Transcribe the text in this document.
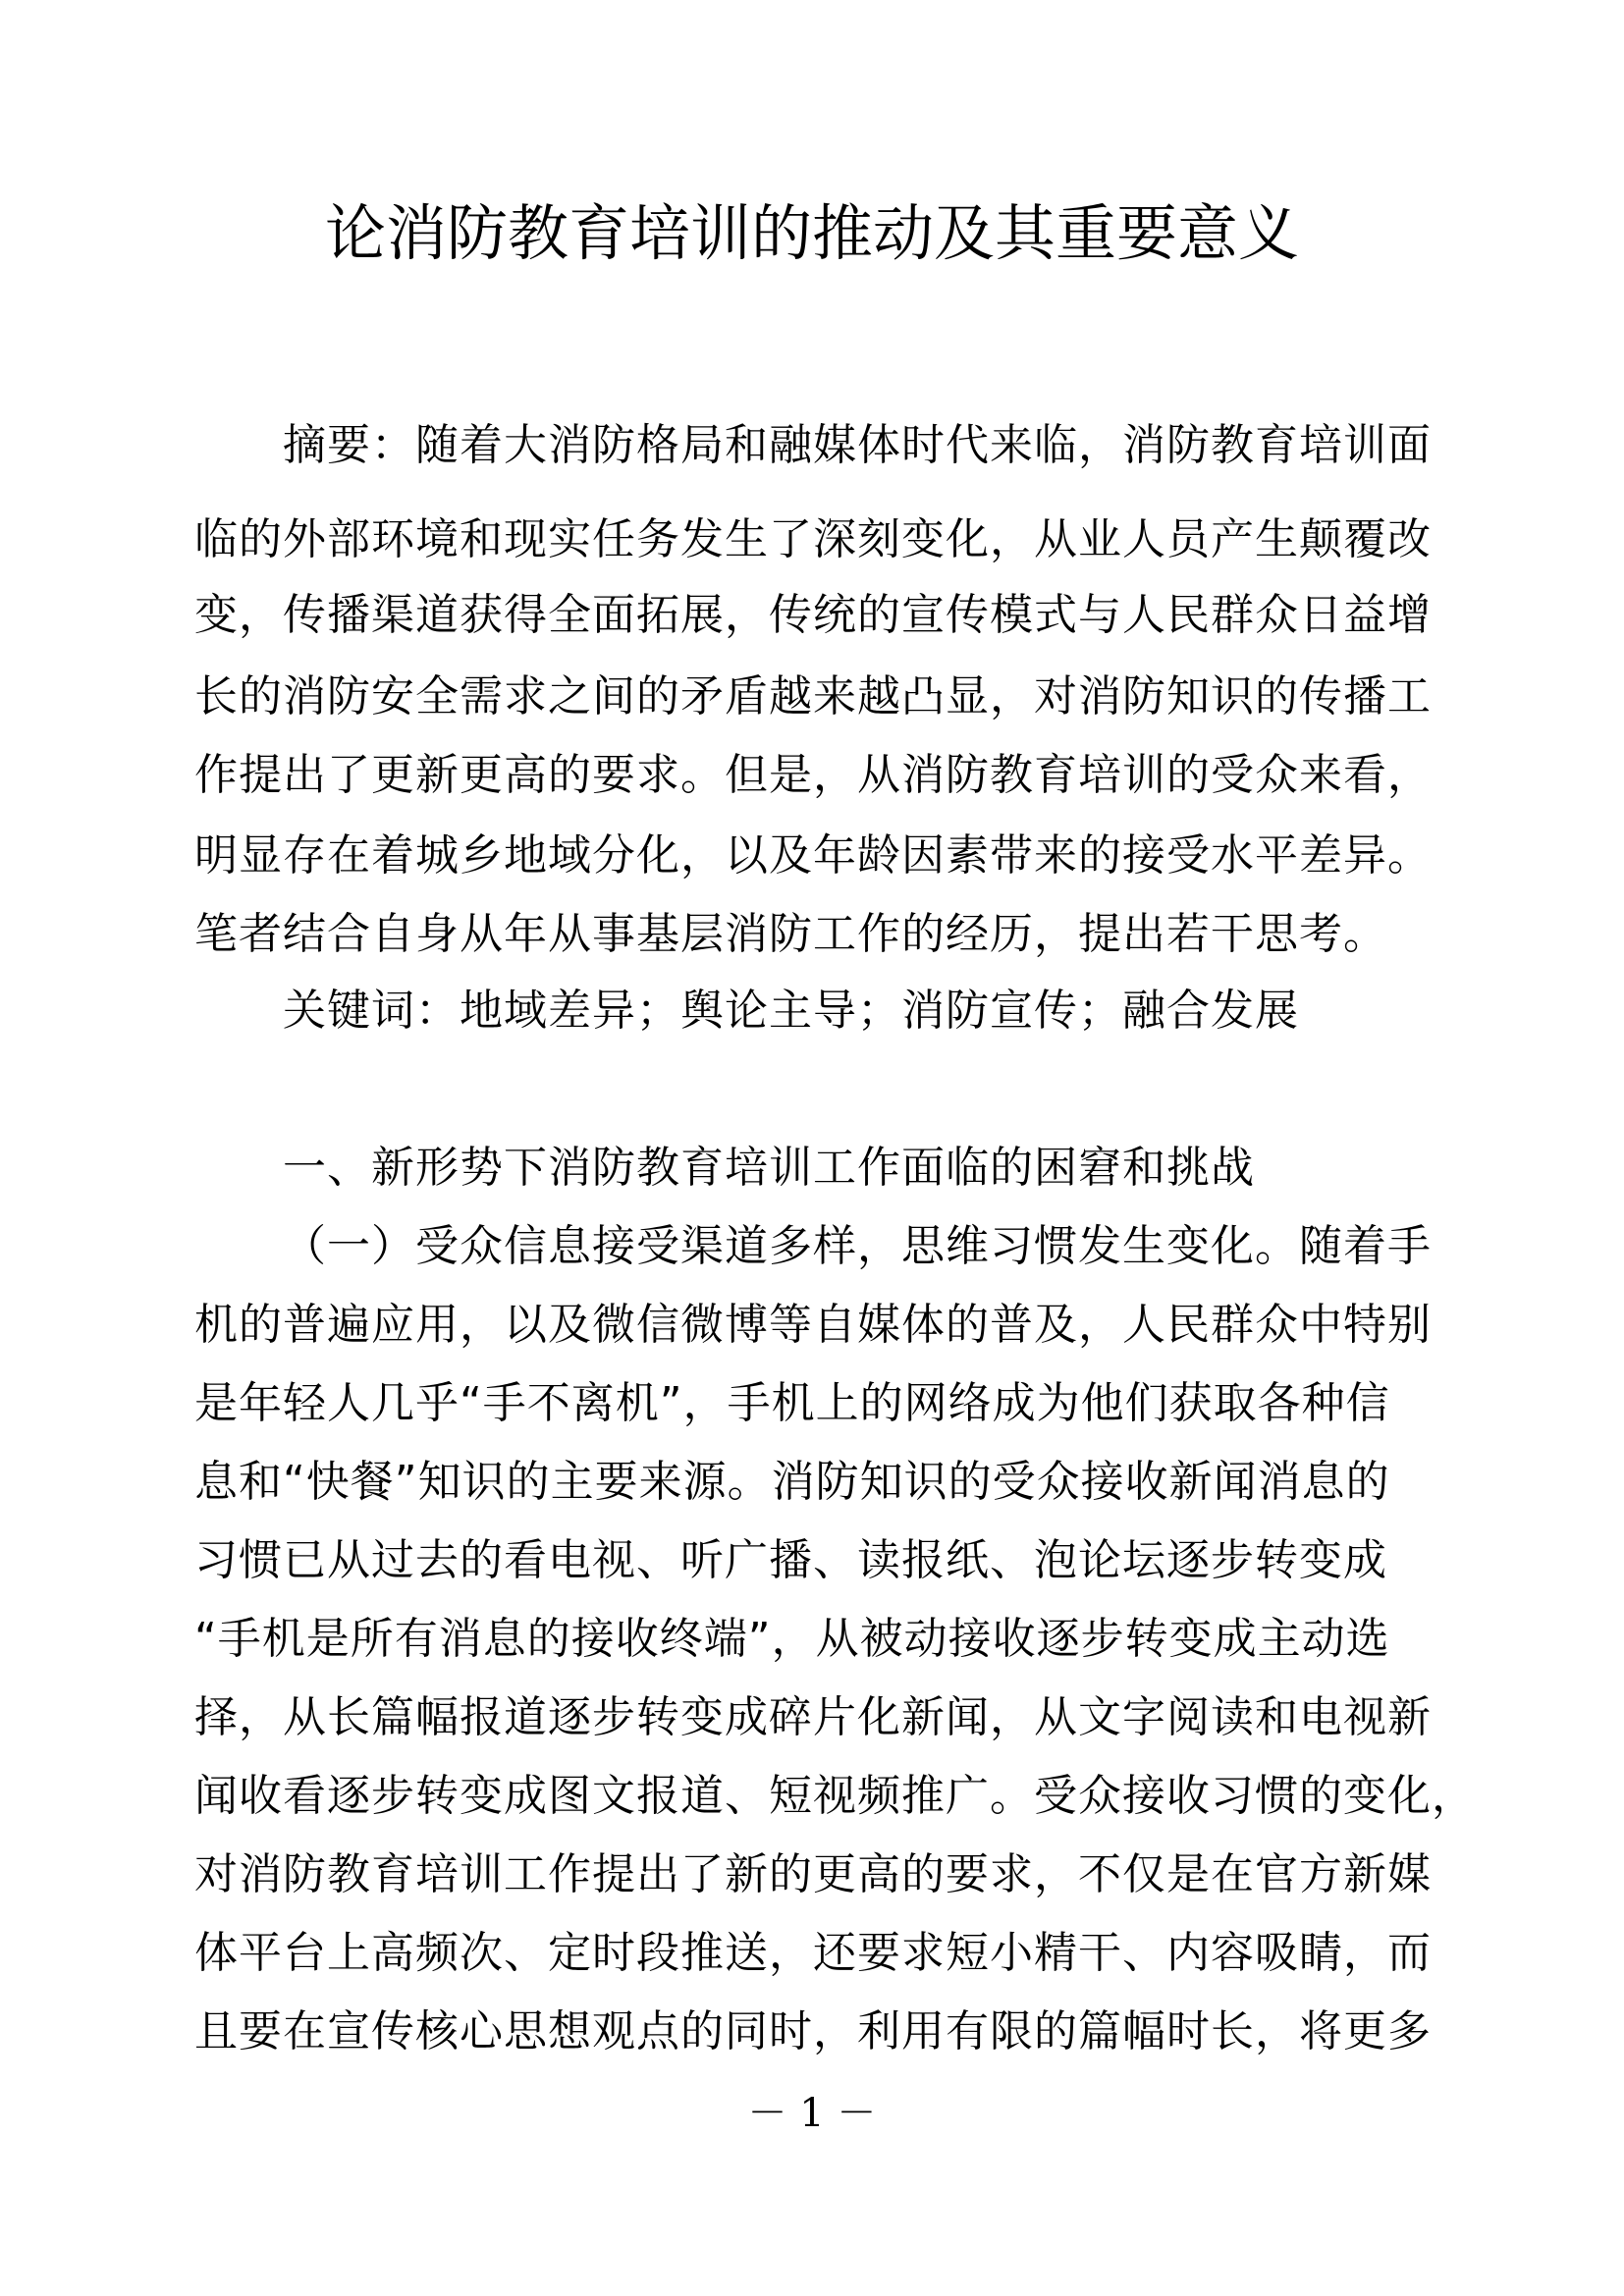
论消防教育培训的推动及其重要意义
摘要：随着大消防格局和融媒体时代来临，消防教育培训面
临的外部环境和现实任务发生了深刻变化，从业人员产生颠覆改
变，传播渠道获得全面拓展，传统的宣传模式与人民群众日益增
长的消防安全需求之间的矛盾越来越凸显，对消防知识的传播工
作提出了更新更高的要求。但是，从消防教育培训的受众来看，
明显存在着城乡地域分化，以及年龄因素带来的接受水平差异。
笔者结合自身从年从事基层消防工作的经历，提出若干思考。
关键词：地域差异；舆论主导；消防宣传；融合发展
一、新形势下消防教育培训工作面临的困窘和挑战
（一）受众信息接受渠道多样，思维习惯发生变化。随着手
机的普遍应用，以及微信微博等自媒体的普及，人民群众中特别
是年轻人几乎“手不离机”，手机上的网络成为他们获取各种信
息和“快餐”知识的主要来源。消防知识的受众接收新闻消息的
习惯已从过去的看电视、听广播、读报纸、泡论坛逐步转变成
“手机是所有消息的接收终端”，从被动接收逐步转变成主动选
择，从长篇幅报道逐步转变成碎片化新闻，从文字阅读和电视新
闻收看逐步转变成图文报道、短视频推广。受众接收习惯的变化，
对消防教育培训工作提出了新的更高的要求，不仅是在官方新媒
体平台上高频次、定时段推送，还要求短小精干、内容吸睛，而
且要在宣传核心思想观点的同时，利用有限的篇幅时长，将更多
－ 1 －
